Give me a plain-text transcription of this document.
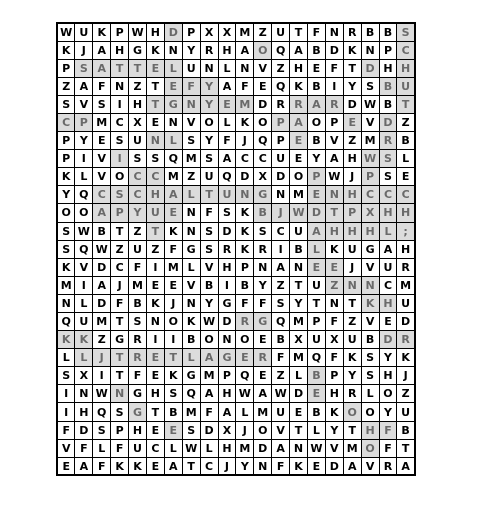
W	U	K	P	W	H	D	P	X	X	M	Z	U	T	F	N	R	B	B	S
K	J	A	H	G	K	N	Y	R	H	A	O	Q	A	B	D	K	N	P	C
P	S	A	T	T	E	L	U	N	L	N	V	Z	H	E	F	T	D	H	H
Z	A	F	N	Z	T	E	F	Y	A	F	E	Q	K	B	I	Y	S	B	U
S	V	S	I	H	T	G	N	Y	E	M	D	R	R	A	R	D	W	B	T
C	P	M	C	X	E	N	V	O	L	K	O	P	A	O	P	E	V	D	Z
P	Y	E	S	U	N	L	S	Y	F	J	Q	P	E	B	V	Z	M	R	B
P	I	V	I	S	S	Q	M	S	A	C	C	U	E	Y	A	H	W	S	L
K	L	V	O	C	C	M	Z	U	Q	D	X	D	O	P	W	J	P	S	E
Y	Q	C	S	C	H	A	L	T	U	N	G	N	M	E	N	H	C	C	C
O	O	A	P	Y	U	E	N	F	S	K	B	J	W	D	T	P	X	H	H
S	W	B	T	Z	T	K	N	S	D	K	S	C	U	A	H	H	H	L	;
S	Q	W	Z	U	Z	F	G	S	R	K	R	I	B	L	K	U	G	A	H
K	V	D	C	F	I	M	L	V	H	P	N	A	N	E	E	J	V	U	R
M	I	A	J	M	E	E	V	B	I	B	Y	Z	T	U	Z	N	N	C	M
N	L	D	F	B	K	J	N	Y	G	F	F	S	Y	T	N	T	K	H	U
Q	U	M	T	S	N	O	K	W	D	R	G	Q	M	P	F	Z	V	E	D
K	K	Z	G	R	I	I	B	O	N	O	E	B	X	U	X	U	B	D	R
L	L	J	T	R	E	T	L	A	G	E	R	F	M	Q	F	K	S	Y	K
S	X	I	T	F	E	K	G	M	P	Q	E	Z	L	B	P	Y	S	H	J
I	N	W	N	G	H	S	Q	A	H	W	A	W	D	E	H	R	L	O	Z
I	H	Q	S	G	T	B	M	F	A	L	M	U	E	B	K	O	O	Y	U
F	D	S	P	H	E	E	S	D	X	J	O	V	T	L	Y	T	H	F	B
V	F	L	F	U	C	L	W	L	H	M	D	A	N	W	V	M	O	F	T
E	A	F	K	K	E	A	T	C	J	Y	N	F	K	E	D	A	V	R	A
